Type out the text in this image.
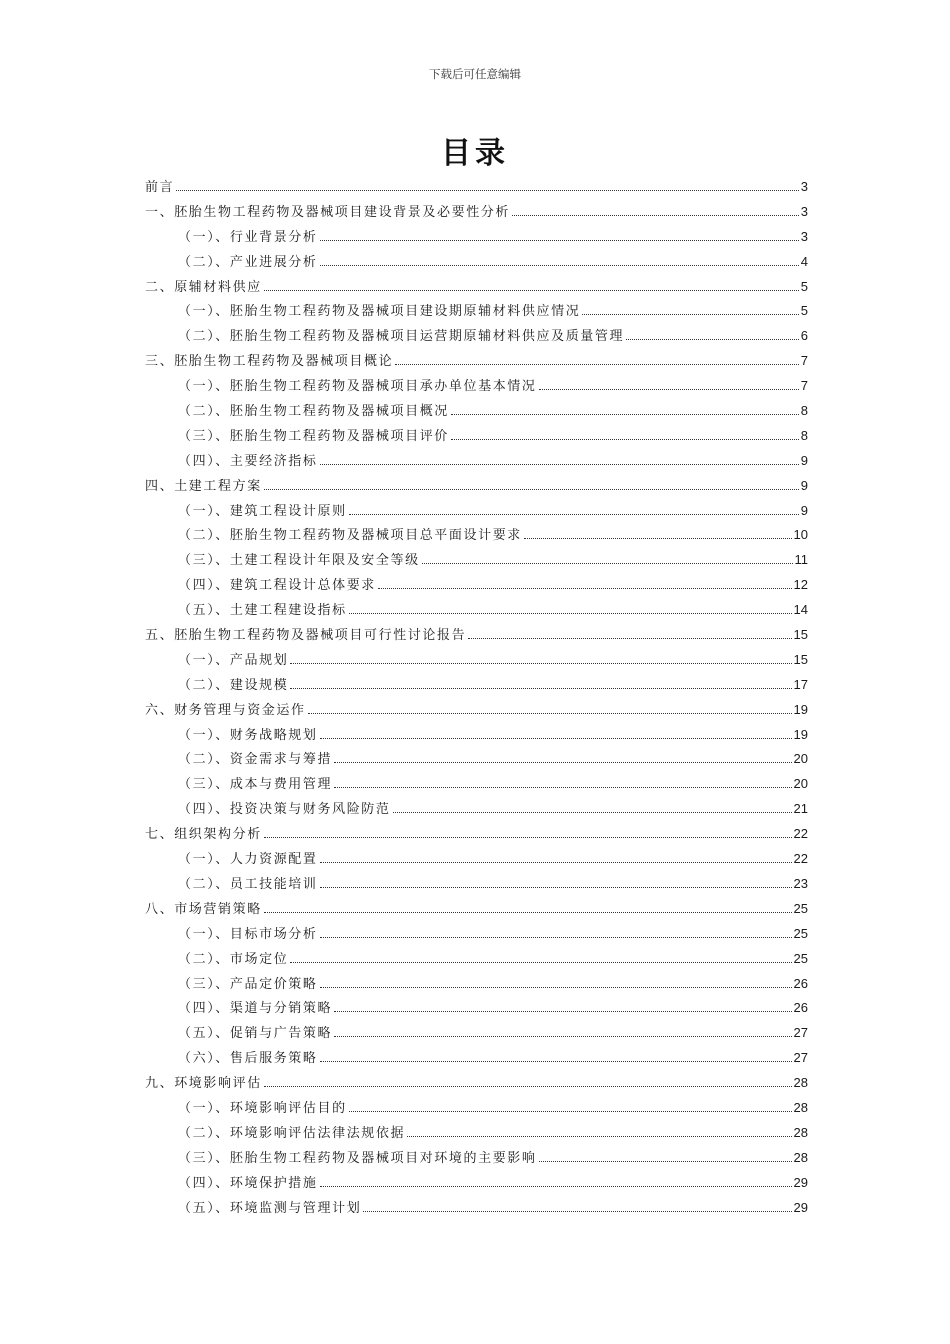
下载后可任意编辑
目录
前言	3
一、胚胎生物工程药物及器械项目建设背景及必要性分析	3
（一）、行业背景分析	3
（二）、产业进展分析	4
二、原辅材料供应	5
（一）、胚胎生物工程药物及器械项目建设期原辅材料供应情况	5
（二）、胚胎生物工程药物及器械项目运营期原辅材料供应及质量管理	6
三、胚胎生物工程药物及器械项目概论	7
（一）、胚胎生物工程药物及器械项目承办单位基本情况	7
（二）、胚胎生物工程药物及器械项目概况	8
（三）、胚胎生物工程药物及器械项目评价	8
（四）、主要经济指标	9
四、土建工程方案	9
（一）、建筑工程设计原则	9
（二）、胚胎生物工程药物及器械项目总平面设计要求	10
（三）、土建工程设计年限及安全等级	11
（四）、建筑工程设计总体要求	12
（五）、土建工程建设指标	14
五、胚胎生物工程药物及器械项目可行性讨论报告	15
（一）、产品规划	15
（二）、建设规模	17
六、财务管理与资金运作	19
（一）、财务战略规划	19
（二）、资金需求与筹措	20
（三）、成本与费用管理	20
（四）、投资决策与财务风险防范	21
七、组织架构分析	22
（一）、人力资源配置	22
（二）、员工技能培训	23
八、市场营销策略	25
（一）、目标市场分析	25
（二）、市场定位	25
（三）、产品定价策略	26
（四）、渠道与分销策略	26
（五）、促销与广告策略	27
（六）、售后服务策略	27
九、环境影响评估	28
（一）、环境影响评估目的	28
（二）、环境影响评估法律法规依据	28
（三）、胚胎生物工程药物及器械项目对环境的主要影响	28
（四）、环境保护措施	29
（五）、环境监测与管理计划	29
